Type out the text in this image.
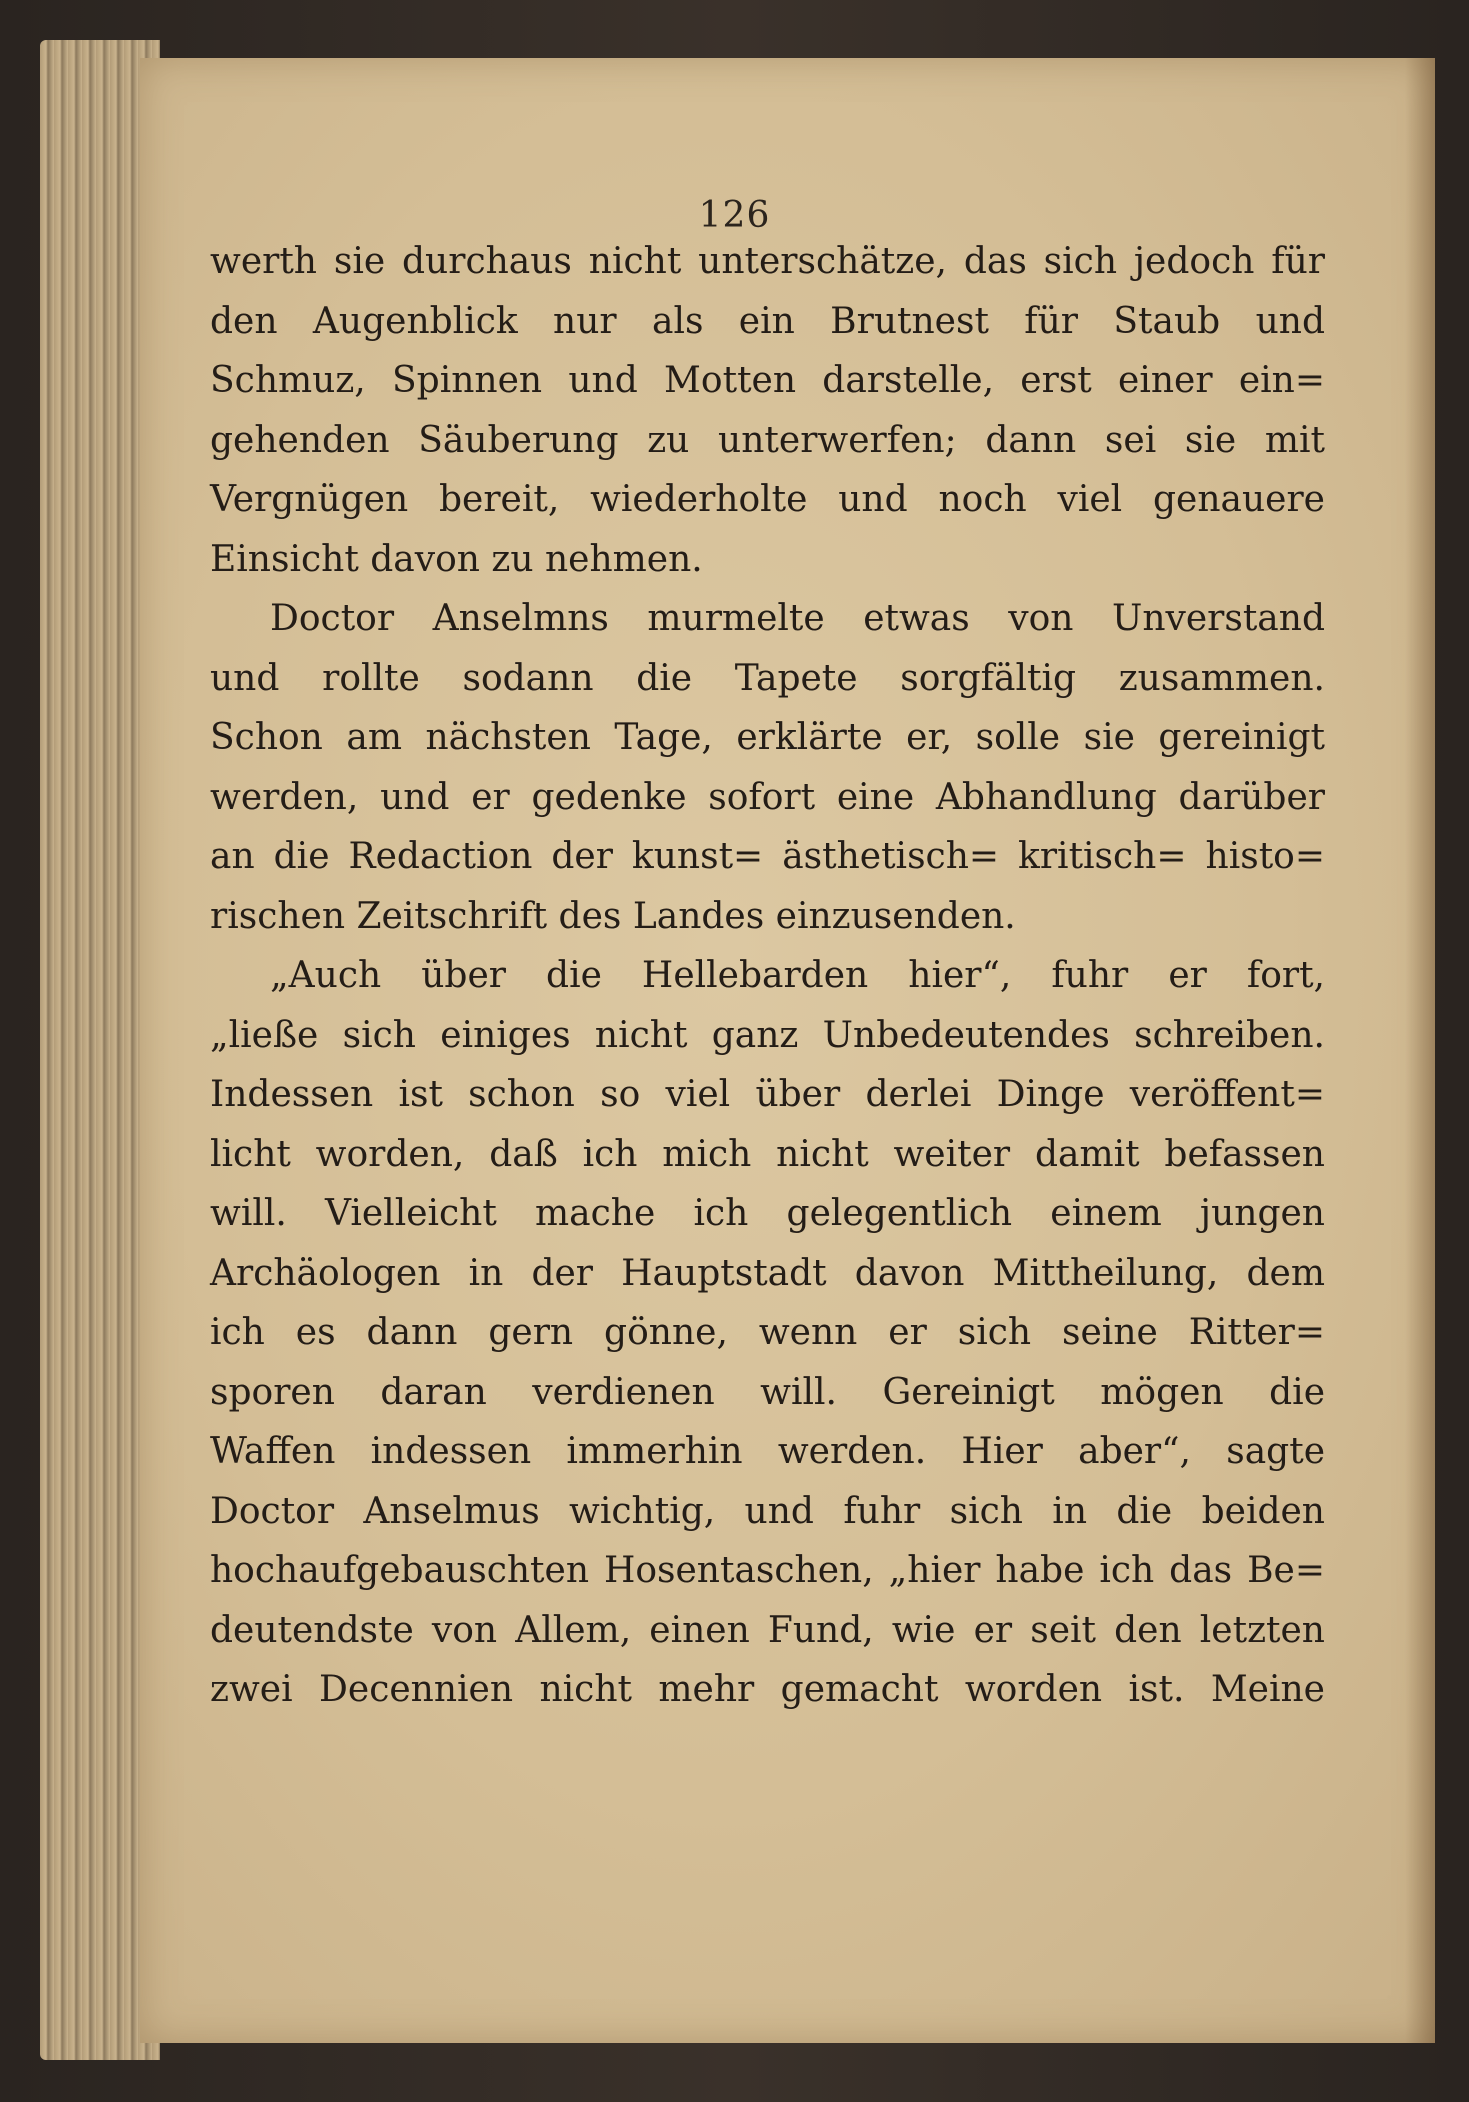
126
werth sie durchaus nicht unterschätze, das sich jedoch für
den Augenblick nur als ein Brutnest für Staub und
Schmuz, Spinnen und Motten darstelle, erst einer ein=
gehenden Säuberung zu unterwerfen; dann sei sie mit
Vergnügen bereit, wiederholte und noch viel genauere
Einsicht davon zu nehmen.
Doctor Anselmns murmelte etwas von Unverstand
und rollte sodann die Tapete sorgfältig zusammen.
Schon am nächsten Tage, erklärte er, solle sie gereinigt
werden, und er gedenke sofort eine Abhandlung darüber
an die Redaction der kunst= ästhetisch= kritisch= histo=
rischen Zeitschrift des Landes einzusenden.
„Auch über die Hellebarden hier“, fuhr er fort,
„ließe sich einiges nicht ganz Unbedeutendes schreiben.
Indessen ist schon so viel über derlei Dinge veröffent=
licht worden, daß ich mich nicht weiter damit befassen
will. Vielleicht mache ich gelegentlich einem jungen
Archäologen in der Hauptstadt davon Mittheilung, dem
ich es dann gern gönne, wenn er sich seine Ritter=
sporen daran verdienen will. Gereinigt mögen die
Waffen indessen immerhin werden. Hier aber“, sagte
Doctor Anselmus wichtig, und fuhr sich in die beiden
hochaufgebauschten Hosentaschen, „hier habe ich das Be=
deutendste von Allem, einen Fund, wie er seit den letzten
zwei Decennien nicht mehr gemacht worden ist. Meine
